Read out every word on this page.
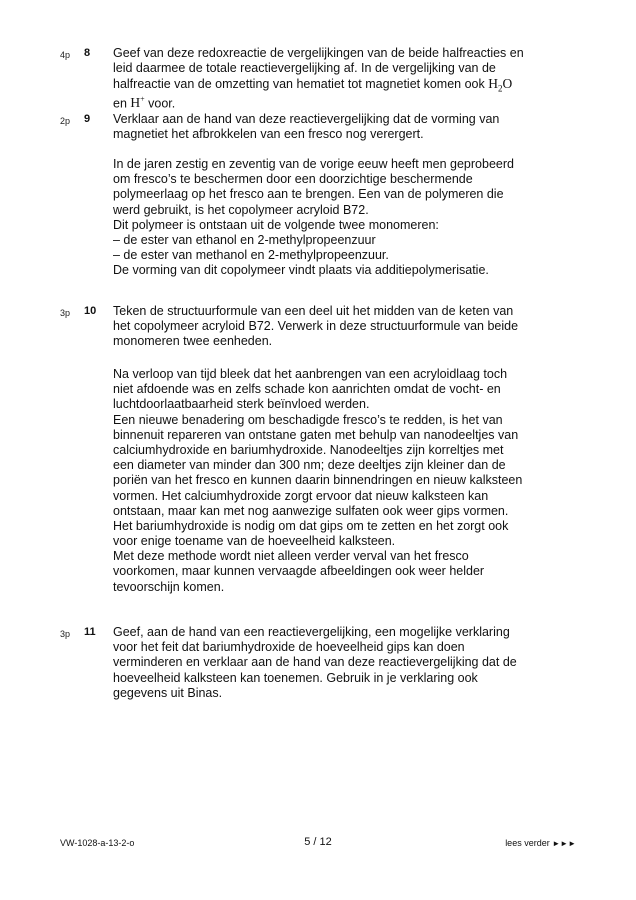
4p 8 Geef van deze redoxreactie de vergelijkingen van de beide halfreacties en
leid daarmee de totale reactievergelijking af. In de vergelijking van de
halfreactie van de omzetting van hematiet tot magnetiet komen ook $H_2O$
en H+ voor.
2p 9 Verklaar aan de hand van deze reactievergelijking dat de vorming van
magnetiet het afbrokkelen van een fresco nog verergert.
In de jaren zestig en zeventig van de vorige eeuw heeft men geprobeerd
om fresco’s te beschermen door een doorzichtige beschermende
polymeerlaag op het fresco aan te brengen. Een van de polymeren die
werd gebruikt, is het copolymeer acryloid B72.
Dit polymeer is ontstaan uit de volgende twee monomeren:
– de ester van ethanol en 2-methylpropeenzuur
– de ester van methanol en 2-methylpropeenzuur.
De vorming van dit copolymeer vindt plaats via additiepolymerisatie.
3p 10 Teken de structuurformule van een deel uit het midden van de keten van
het copolymeer acryloid B72. Verwerk in deze structuurformule van beide
monomeren twee eenheden.
Na verloop van tijd bleek dat het aanbrengen van een acryloidlaag toch
niet afdoende was en zelfs schade kon aanrichten omdat de vocht- en
luchtdoorlaatbaarheid sterk beïnvloed werden.
Een nieuwe benadering om beschadigde fresco’s te redden, is het van
binnenuit repareren van ontstane gaten met behulp van nanodeeltjes van
calciumhydroxide en bariumhydroxide. Nanodeeltjes zijn korreltjes met
een diameter van minder dan 300 nm; deze deeltjes zijn kleiner dan de
poriën van het fresco en kunnen daarin binnendringen en nieuw kalksteen
vormen. Het calciumhydroxide zorgt ervoor dat nieuw kalksteen kan
ontstaan, maar kan met nog aanwezige sulfaten ook weer gips vormen.
Het bariumhydroxide is nodig om dat gips om te zetten en het zorgt ook
voor enige toename van de hoeveelheid kalksteen.
Met deze methode wordt niet alleen verder verval van het fresco
voorkomen, maar kunnen vervaagde afbeeldingen ook weer helder
tevoorschijn komen.
3p 11 Geef, aan de hand van een reactievergelijking, een mogelijke verklaring
voor het feit dat bariumhydroxide de hoeveelheid gips kan doen
verminderen en verklaar aan de hand van deze reactievergelijking dat de
hoeveelheid kalksteen kan toenemen. Gebruik in je verklaring ook
gegevens uit Binas.
VW-1028-a-13-2-o	5 / 12	lees verder ►►►
